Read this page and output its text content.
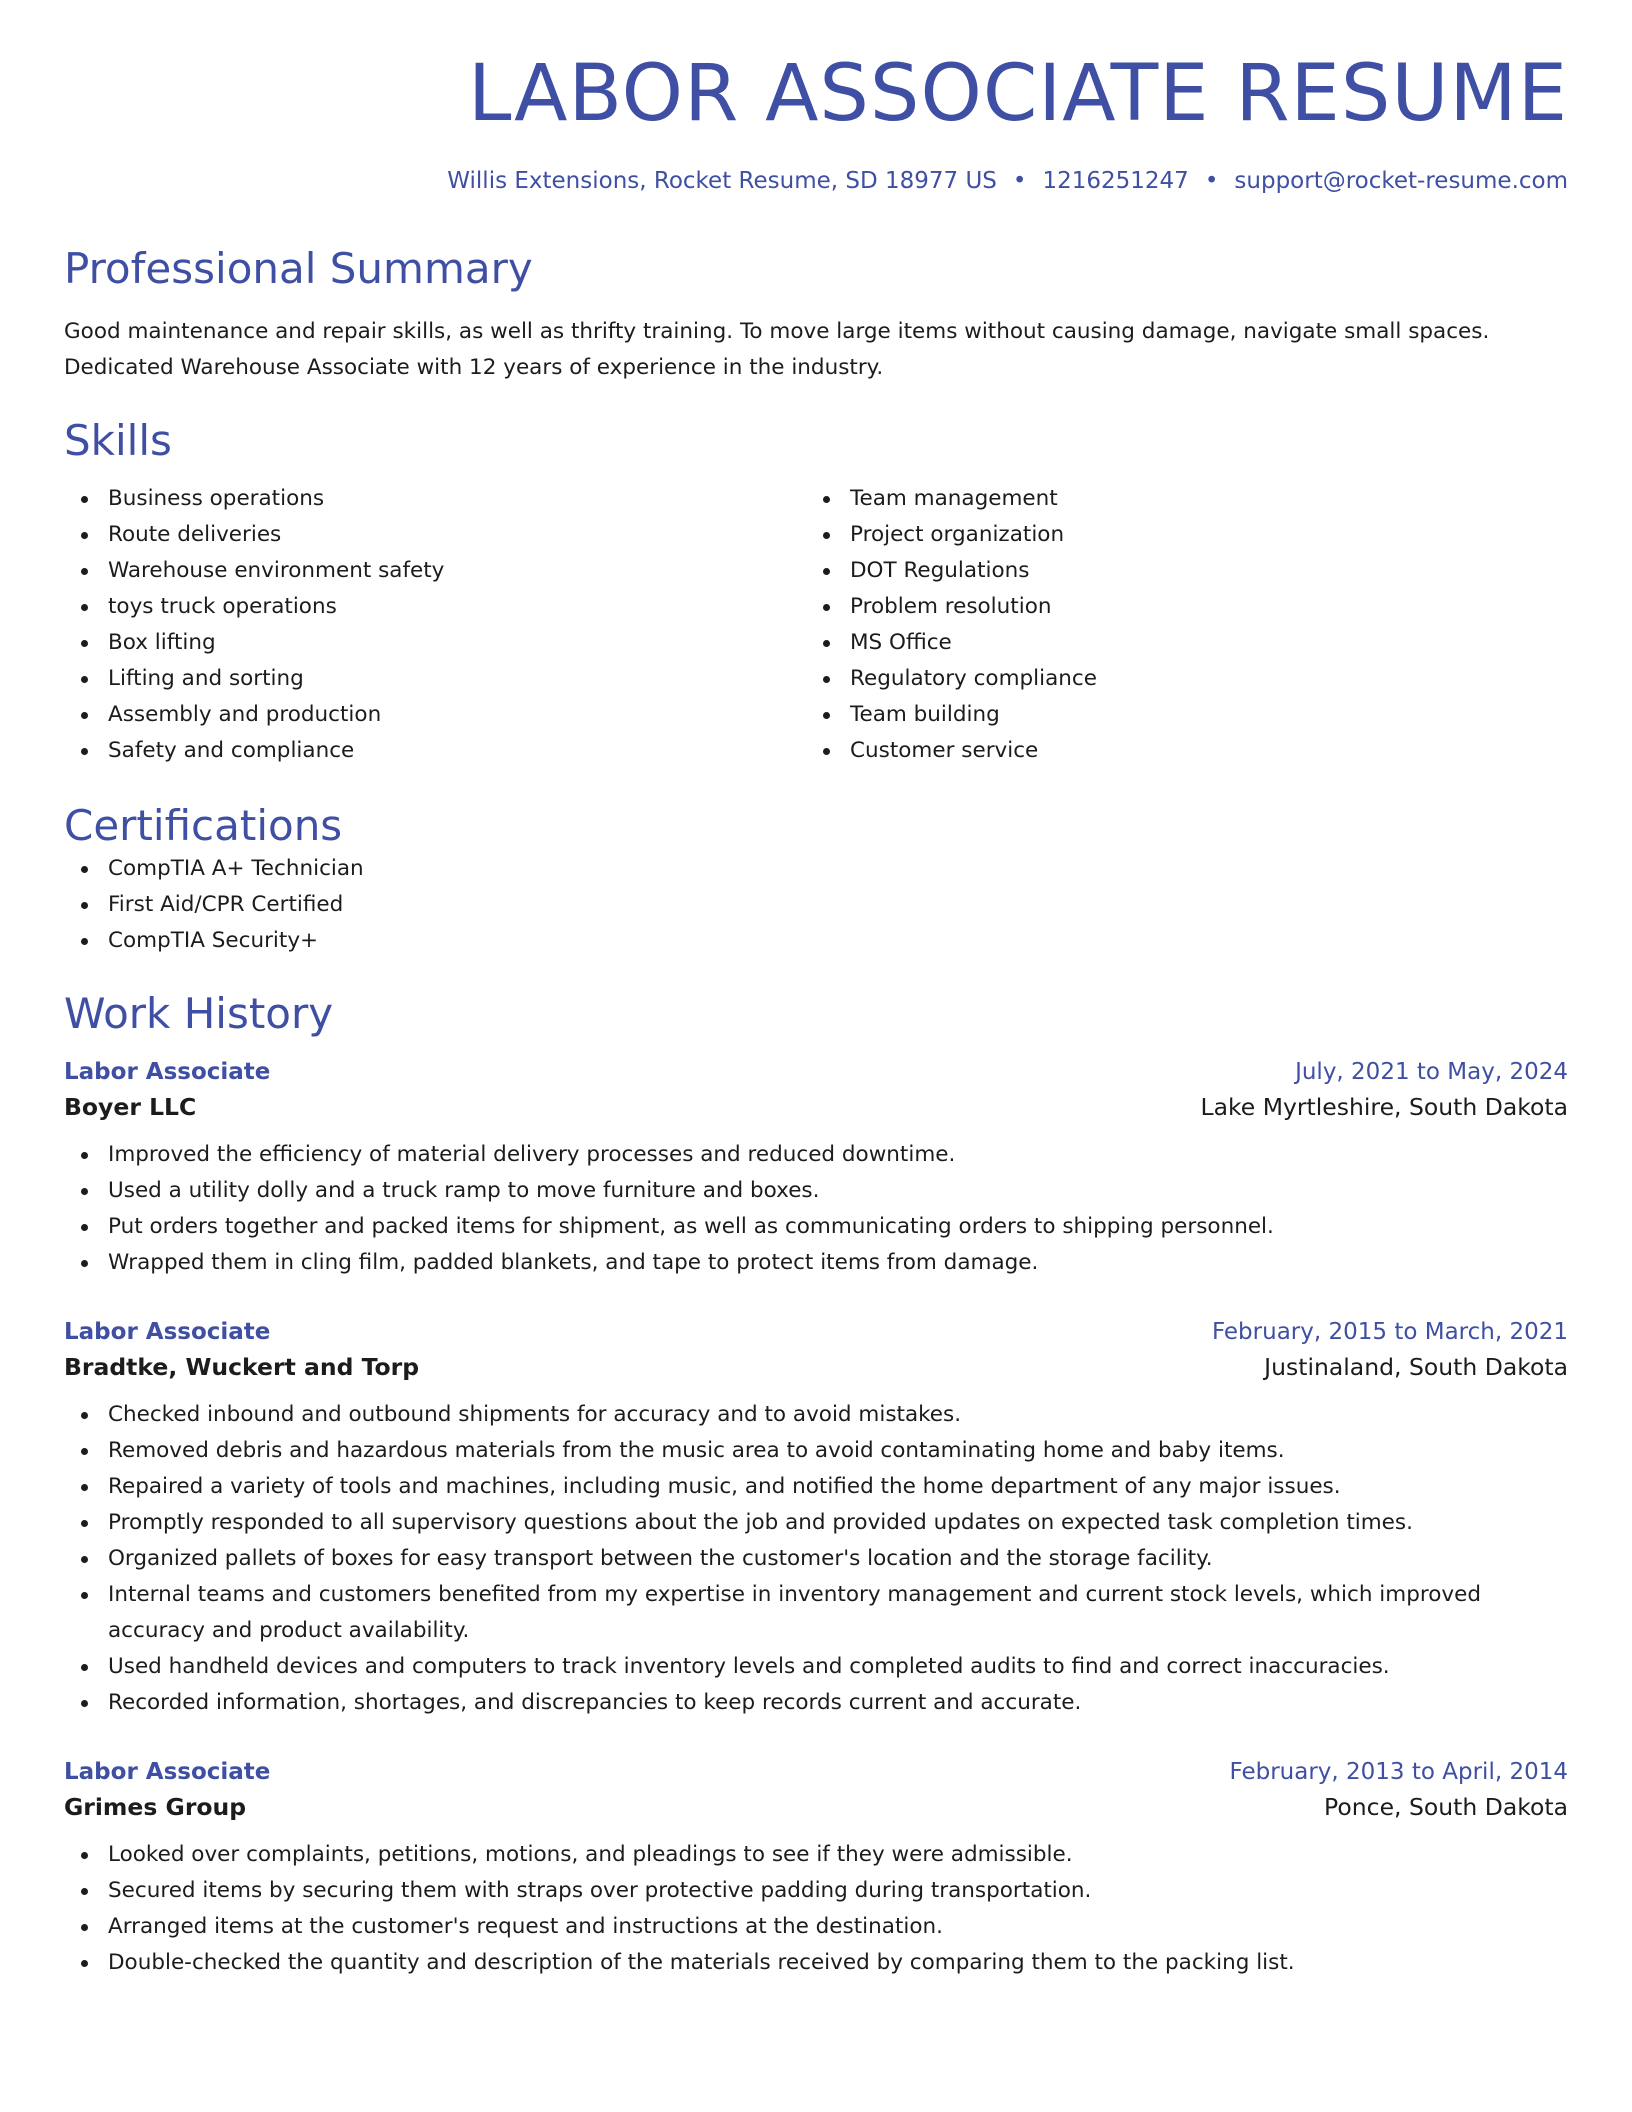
LABOR ASSOCIATE RESUME
Willis Extensions, Rocket Resume, SD 18977 US • 1216251247 • support@rocket-resume.com
Professional Summary

Good maintenance and repair skills, as well as thrifty training. To move large items without causing damage, navigate small spaces. Dedicated Warehouse Associate with 12 years of experience in the industry.

Skills
Business operations
Route deliveries
Warehouse environment safety
toys truck operations
Box lifting
Lifting and sorting
Assembly and production
Safety and compliance
Team management
Project organization
DOT Regulations
Problem resolution
MS Office
Regulatory compliance
Team building
Customer service
Certifications
CompTIA A+ Technician
First Aid/CPR Certified
CompTIA Security+
Work History
Labor Associate	July, 2021 to May, 2024
Boyer LLC	Lake Myrtleshire, South Dakota
Improved the efficiency of material delivery processes and reduced downtime.
Used a utility dolly and a truck ramp to move furniture and boxes.
Put orders together and packed items for shipment, as well as communicating orders to shipping personnel.
Wrapped them in cling film, padded blankets, and tape to protect items from damage.
Labor Associate	February, 2015 to March, 2021
Bradtke, Wuckert and Torp	Justinaland, South Dakota
Checked inbound and outbound shipments for accuracy and to avoid mistakes.
Removed debris and hazardous materials from the music area to avoid contaminating home and baby items.
Repaired a variety of tools and machines, including music, and notified the home department of any major issues.
Promptly responded to all supervisory questions about the job and provided updates on expected task completion times.
Organized pallets of boxes for easy transport between the customer's location and the storage facility.
Internal teams and customers benefited from my expertise in inventory management and current stock levels, which improved accuracy and product availability.
Used handheld devices and computers to track inventory levels and completed audits to find and correct inaccuracies.
Recorded information, shortages, and discrepancies to keep records current and accurate.
Labor Associate	February, 2013 to April, 2014
Grimes Group	Ponce, South Dakota
Looked over complaints, petitions, motions, and pleadings to see if they were admissible.
Secured items by securing them with straps over protective padding during transportation.
Arranged items at the customer's request and instructions at the destination.
Double-checked the quantity and description of the materials received by comparing them to the packing list.
